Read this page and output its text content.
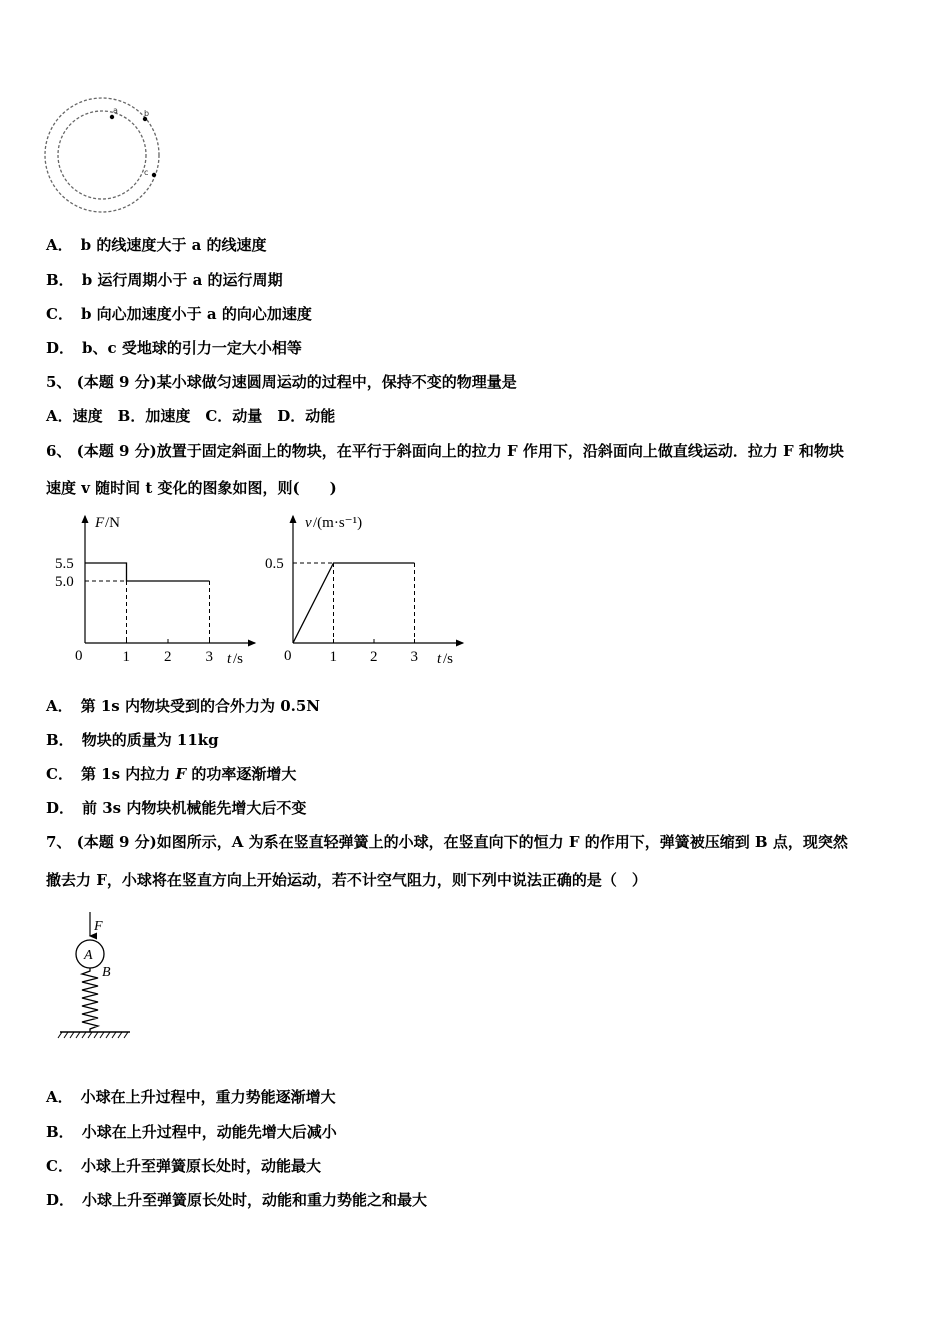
a	b
c
A． b 的线速度大于 a 的线速度
B． b 运行周期小于 a 的运行周期
C． b 向心加速度小于 a 的向心加速度
D． b、c 受地球的引力一定大小相等
5、 (本题 9 分)某小球做匀速圆周运动的过程中，保持不变的物理量是
A．速度　B．加速度　C．动量　D．动能
6、 (本题 9 分)放置于固定斜面上的物块，在平行于斜面向上的拉力 F 作用下，沿斜面向上做直线运动．拉力 F 和物块
速度 v 随时间 t 变化的图象如图，则(　　)
F /N
t /s
0	1 2 3
5.5
5.0
v /(m·s⁻¹)
t /s
0	1 2 3
0.5
A． 第 1s 内物块受到的合外力为 0.5N
B． 物块的质量为 11kg
C． 第 1s 内拉力 F 的功率逐渐增大
D． 前 3s 内物块机械能先增大后不变
7、 (本题 9 分)如图所示，A 为系在竖直轻弹簧上的小球，在竖直向下的恒力 F 的作用下，弹簧被压缩到 B 点，现突然
撤去力 F，小球将在竖直方向上开始运动，若不计空气阻力，则下列中说法正确的是（　）
F
A
B
A． 小球在上升过程中，重力势能逐渐增大
B． 小球在上升过程中，动能先增大后减小
C． 小球上升至弹簧原长处时，动能最大
D． 小球上升至弹簧原长处时，动能和重力势能之和最大
